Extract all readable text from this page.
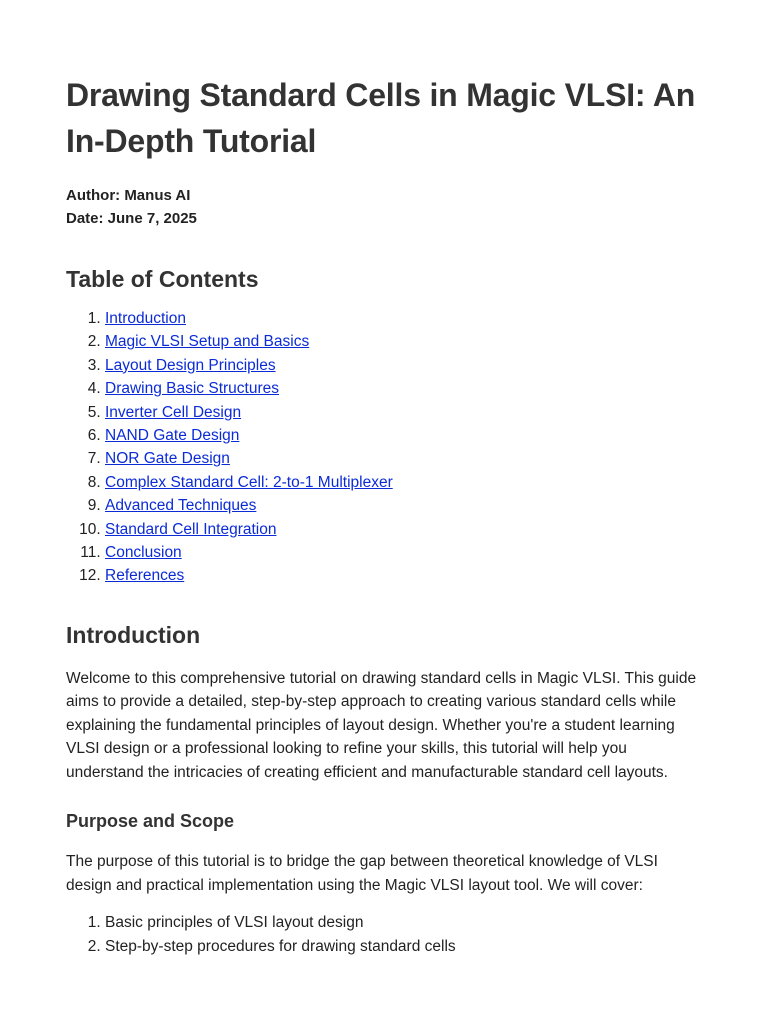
Drawing Standard Cells in Magic VLSI: An In-Depth Tutorial
Author: Manus AI
Date: June 7, 2025
Table of Contents
1. Introduction
2. Magic VLSI Setup and Basics
3. Layout Design Principles
4. Drawing Basic Structures
5. Inverter Cell Design
6. NAND Gate Design
7. NOR Gate Design
8. Complex Standard Cell: 2-to-1 Multiplexer
9. Advanced Techniques
10. Standard Cell Integration
11. Conclusion
12. References
Introduction

Welcome to this comprehensive tutorial on drawing standard cells in Magic VLSI. This guide aims to provide a detailed, step-by-step approach to creating various standard cells while explaining the fundamental principles of layout design. Whether you're a student learning VLSI design or a professional looking to refine your skills, this tutorial will help you understand the intricacies of creating efficient and manufacturable standard cell layouts.

Purpose and Scope

The purpose of this tutorial is to bridge the gap between theoretical knowledge of VLSI design and practical implementation using the Magic VLSI layout tool. We will cover:

1. Basic principles of VLSI layout design
2. Step-by-step procedures for drawing standard cells
